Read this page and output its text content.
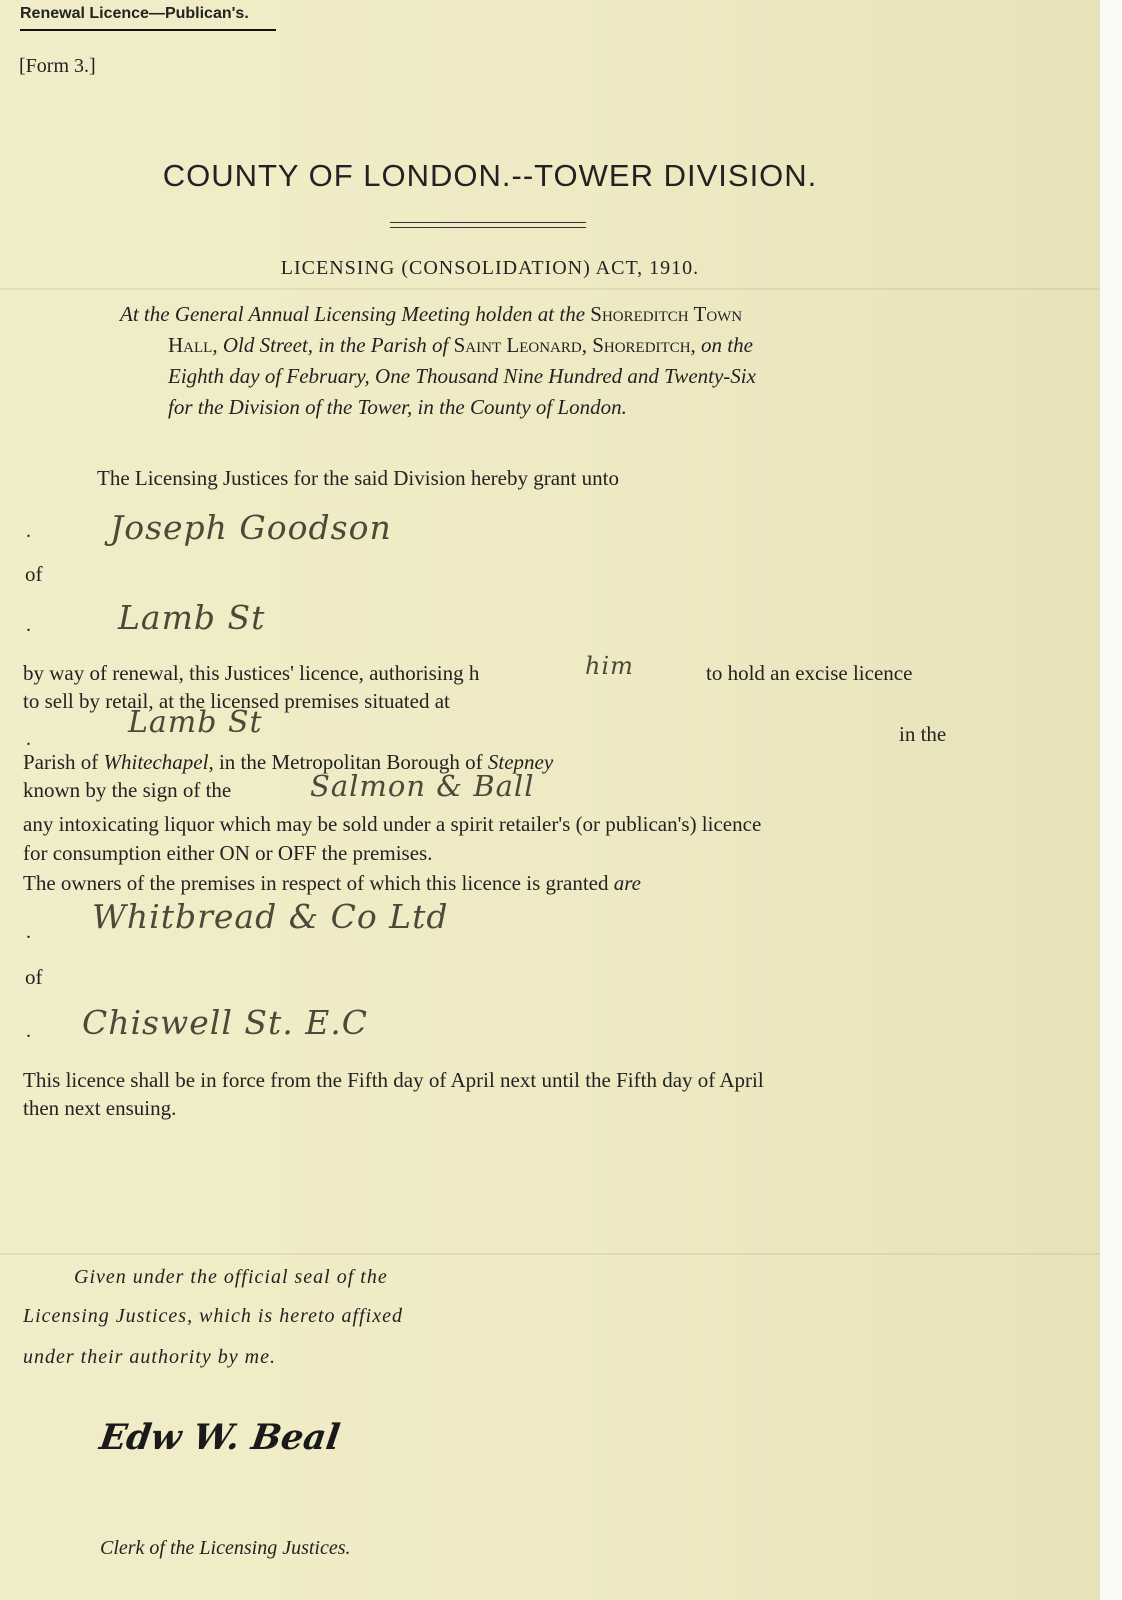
Renewal Licence—Publican's.
[Form 3.]
COUNTY OF LONDON.--TOWER DIVISION.
LICENSING (CONSOLIDATION) ACT, 1910.
At the General Annual Licensing Meeting holden at the Shoreditch Town
Hall, Old Street, in the Parish of Saint Leonard, Shoreditch, on the
Eighth day of February, One Thousand Nine Hundred and Twenty-Six
for the Division of the Tower, in the County of London.
The Licensing Justices for the said Division hereby grant unto
. Joseph Goodson
of
.	Lamb St
by way of renewal, this Justices' licence, authorising h	him	to hold an excise licence
to sell by retail, at the licensed premises situated at
.	Lamb St	in the
Parish of Whitechapel, in the Metropolitan Borough of Stepney
known by the sign of the	Salmon & Ball
any intoxicating liquor which may be sold under a spirit retailer's (or publican's) licence
for consumption either ON or OFF the premises.
The owners of the premises in respect of which this licence is granted are
. Whitbread & Co Ltd
of
. Chiswell St. E.C
This licence shall be in force from the Fifth day of April next until the Fifth day of April
then next ensuing.
Given under the official seal of the
Licensing Justices, which is hereto affixed
under their authority by me.
Edw W. Beal
Clerk of the Licensing Justices.
